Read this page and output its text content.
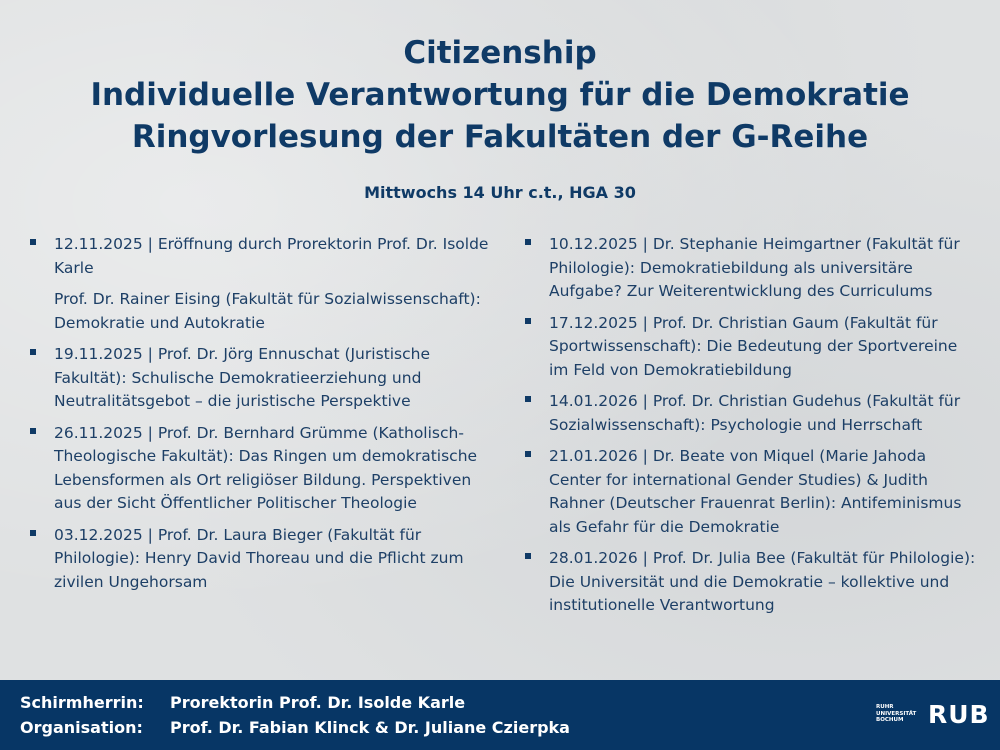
Citizenship
Individuelle Verantwortung für die Demokratie
Ringvorlesung der Fakultäten der G-Reihe
Mittwochs 14 Uhr c.t., HGA 30

12.11.2025 | Eröffnung durch Prorektorin Prof. Dr. Isolde Karle

Prof. Dr. Rainer Eising (Fakultät für Sozialwissenschaft): Demokratie und Autokratie

19.11.2025 | Prof. Dr. Jörg Ennuschat (Juristische Fakultät): Schulische Demokratieerziehung und Neutralitätsgebot – die juristische Perspektive

26.11.2025 | Prof. Dr. Bernhard Grümme (Katholisch-Theologische Fakultät): Das Ringen um demokratische Lebensformen als Ort religiöser Bildung. Perspektiven aus der Sicht Öffentlicher Politischer Theologie

03.12.2025 | Prof. Dr. Laura Bieger (Fakultät für Philologie): Henry David Thoreau und die Pflicht zum zivilen Ungehorsam

10.12.2025 | Dr. Stephanie Heimgartner (Fakultät für Philologie): Demokratiebildung als universitäre Aufgabe? Zur Weiterentwicklung des Curriculums

17.12.2025 | Prof. Dr. Christian Gaum (Fakultät für Sportwissenschaft): Die Bedeutung der Sportvereine im Feld von Demokratiebildung

14.01.2026 | Prof. Dr. Christian Gudehus (Fakultät für Sozialwissenschaft): Psychologie und Herrschaft

21.01.2026 | Dr. Beate von Miquel (Marie Jahoda Center for international Gender Studies) & Judith Rahner (Deutscher Frauenrat Berlin): Antifeminismus als Gefahr für die Demokratie

28.01.2026 | Prof. Dr. Julia Bee (Fakultät für Philologie): Die Universität und die Demokratie – kollektive und institutionelle Verantwortung

Schirmherrin: Prorektorin Prof. Dr. Isolde Karle
Organisation: Prof. Dr. Fabian Klinck & Dr. Juliane Czierpka
RUHR
UNIVERSITÄT
BOCHUM RUB
